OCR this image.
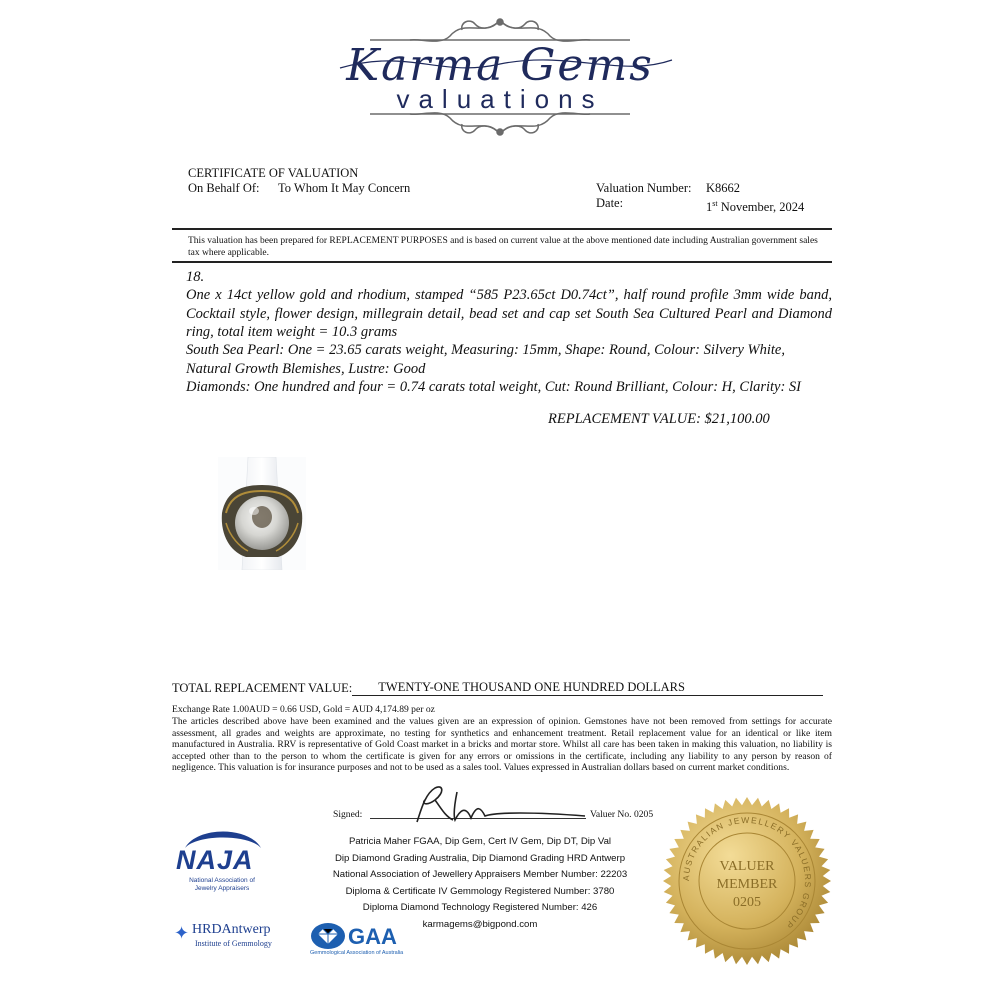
Karma Gems
valuations
CERTIFICATE OF VALUATION
On Behalf Of: To Whom It May Concern	Valuation Number: K8662
Date:	1st November, 2024
This valuation has been prepared for REPLACEMENT PURPOSES and is based on current value at the above mentioned date including Australian government sales tax where applicable.
18.
One x 14ct yellow gold and rhodium, stamped “585 P23.65ct D0.74ct”, half round profile 3mm wide band, Cocktail style, flower design, millegrain detail, bead set and cap set South Sea Cultured Pearl and Diamond ring, total item weight = 10.3 grams
South Sea Pearl: One = 23.65 carats weight, Measuring: 15mm, Shape: Round, Colour: Silvery White, Natural Growth Blemishes, Lustre: Good
Diamonds: One hundred and four = 0.74 carats total weight, Cut: Round Brilliant, Colour: H, Clarity: SI
REPLACEMENT VALUE: $21,100.00
TOTAL REPLACEMENT VALUE: TWENTY-ONE THOUSAND ONE HUNDRED DOLLARS
Exchange Rate 1.00AUD = 0.66 USD, Gold = AUD 4,174.89 per oz
The articles described above have been examined and the values given are an expression of opinion. Gemstones have not been removed from settings for accurate assessment, all grades and weights are approximate, no testing for synthetics and enhancement treatment. Retail replacement value for an identical or like item manufactured in Australia. RRV is representative of Gold Coast market in a bricks and mortar store. Whilst all care has been taken in making this valuation, no liability is accepted other than to the person to whom the certificate is given for any errors or omissions in the certificate, including any liability to any person by reason of negligence. This valuation is for insurance purposes and not to be used as a sales tool. Values expressed in Australian dollars based on current market conditions.
Signed:	Valuer No. 0205
Patricia Maher FGAA, Dip Gem, Cert IV Gem, Dip DT, Dip Val
Dip Diamond Grading Australia, Dip Diamond Grading HRD Antwerp
National Association of Jewellery Appraisers Member Number: 22203
Diploma & Certificate IV Gemmology Registered Number: 3780
Diploma Diamond Technology Registered Number: 426
karmagems@bigpond.com
NAJA
National Association of
Jewelry Appraisers
✦ HRDAntwerp
Institute of Gemmology	GAA
Gemmological Association of Australia
AUSTRALIAN JEWELLERY VALUERS GROUP
VALUER
MEMBER
0205
